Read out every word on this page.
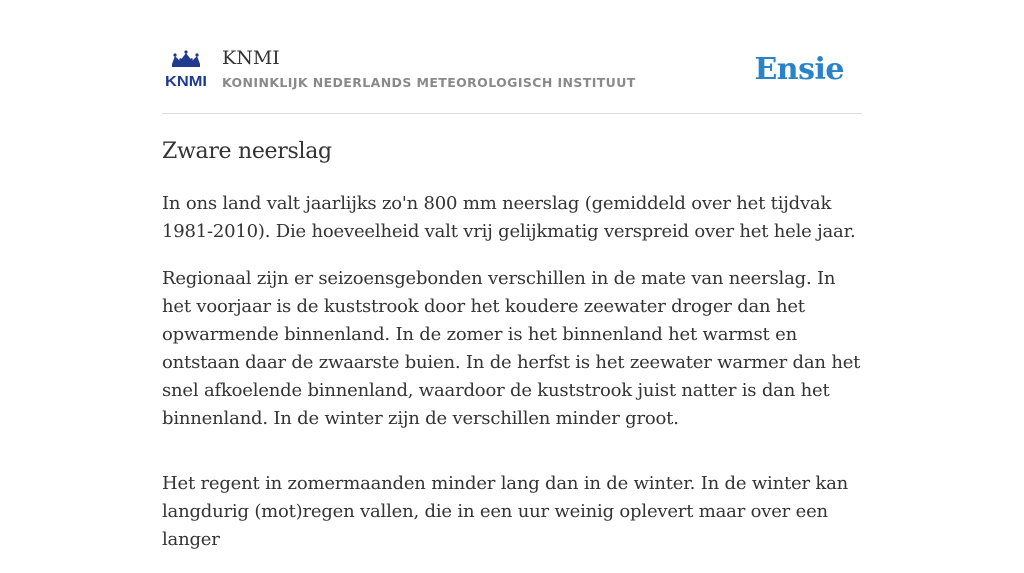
KNMI
KNMI
KONINKLIJK NEDERLANDS METEOROLOGISCH INSTITUUT	Ensie
Zware neerslag

In ons land valt jaarlijks zo'n 800 mm neerslag (gemiddeld over het tijdvak 1981-2010). Die hoeveelheid valt vrij gelijkmatig verspreid over het hele jaar.

Regionaal zijn er seizoensgebonden verschillen in de mate van neerslag. In het voorjaar is de kuststrook door het koudere zeewater droger dan het opwarmende binnenland. In de zomer is het binnenland het warmst en ontstaan daar de zwaarste buien. In de herfst is het zeewater warmer dan het snel afkoelende binnenland, waardoor de kuststrook juist natter is dan het binnenland. In de winter zijn de verschillen minder groot.

Het regent in zomermaanden minder lang dan in de winter. In de winter kan langdurig (mot)regen vallen, die in een uur weinig oplevert maar over een langer
